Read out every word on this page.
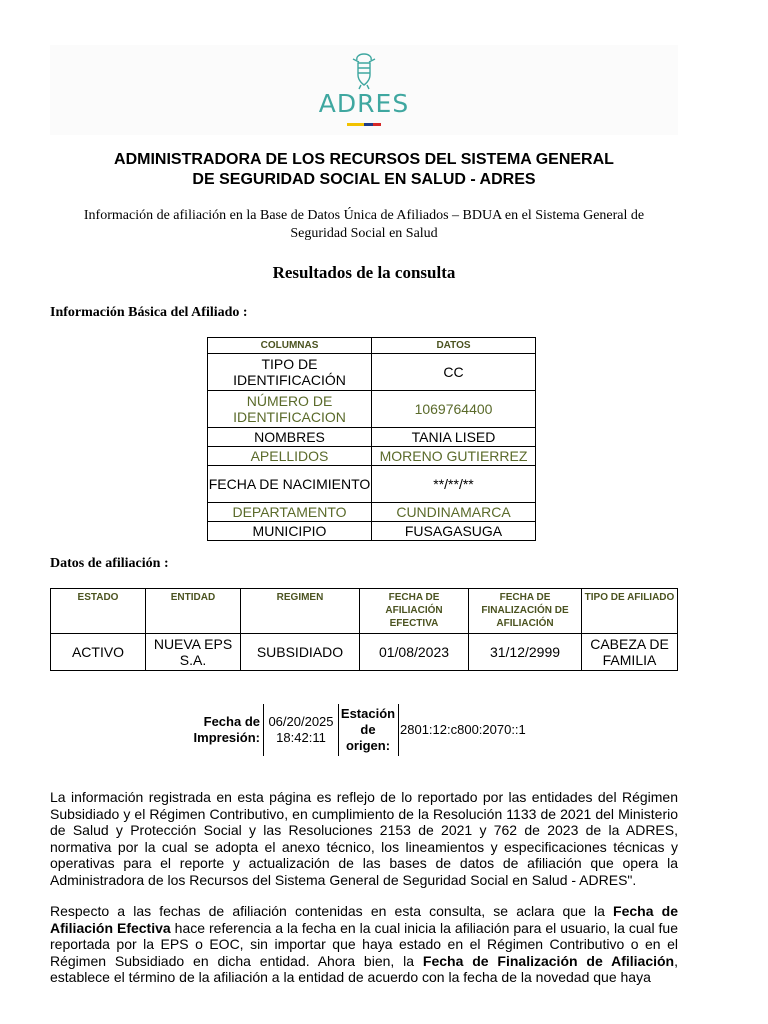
ADRES
ADMINISTRADORA DE LOS RECURSOS DEL SISTEMA GENERAL
DE SEGURIDAD SOCIAL EN SALUD - ADRES
Información de afiliación en la Base de Datos Única de Afiliados – BDUA en el Sistema General de Seguridad Social en Salud
Resultados de la consulta
Información Básica del Afiliado :
COLUMNAS	DATOS
TIPO DE IDENTIFICACIÓN	CC
NÚMERO DE IDENTIFICACION	1069764400
NOMBRES	TANIA LISED
APELLIDOS	MORENO GUTIERREZ
FECHA DE NACIMIENTO	**/**/**
DEPARTAMENTO	CUNDINAMARCA
MUNICIPIO	FUSAGASUGA
Datos de afiliación :
ESTADO	ENTIDAD	REGIMEN	FECHA DE AFILIACIÓN EFECTIVA	FECHA DE FINALIZACIÓN DE AFILIACIÓN	TIPO DE AFILIADO
ACTIVO	NUEVA EPS S.A.	SUBSIDIADO	01/08/2023	31/12/2999	CABEZA DE FAMILIA
Fecha de Impresión:
06/20/2025 18:42:11
Estación de origen:
2801:12:c800:2070::1

La información registrada en esta página es reflejo de lo reportado por las entidades del Régimen Subsidiado y el Régimen Contributivo, en cumplimiento de la Resolución 1133 de 2021 del Ministerio de Salud y Protección Social y las Resoluciones 2153 de 2021 y 762 de 2023 de la ADRES, normativa por la cual se adopta el anexo técnico, los lineamientos y especificaciones técnicas y operativas para el reporte y actualización de las bases de datos de afiliación que opera la Administradora de los Recursos del Sistema General de Seguridad Social en Salud - ADRES".

Respecto a las fechas de afiliación contenidas en esta consulta, se aclara que la Fecha de Afiliación Efectiva hace referencia a la fecha en la cual inicia la afiliación para el usuario, la cual fue reportada por la EPS o EOC, sin importar que haya estado en el Régimen Contributivo o en el Régimen Subsidiado en dicha entidad. Ahora bien, la Fecha de Finalización de Afiliación, establece el término de la afiliación a la entidad de acuerdo con la fecha de la novedad que haya
